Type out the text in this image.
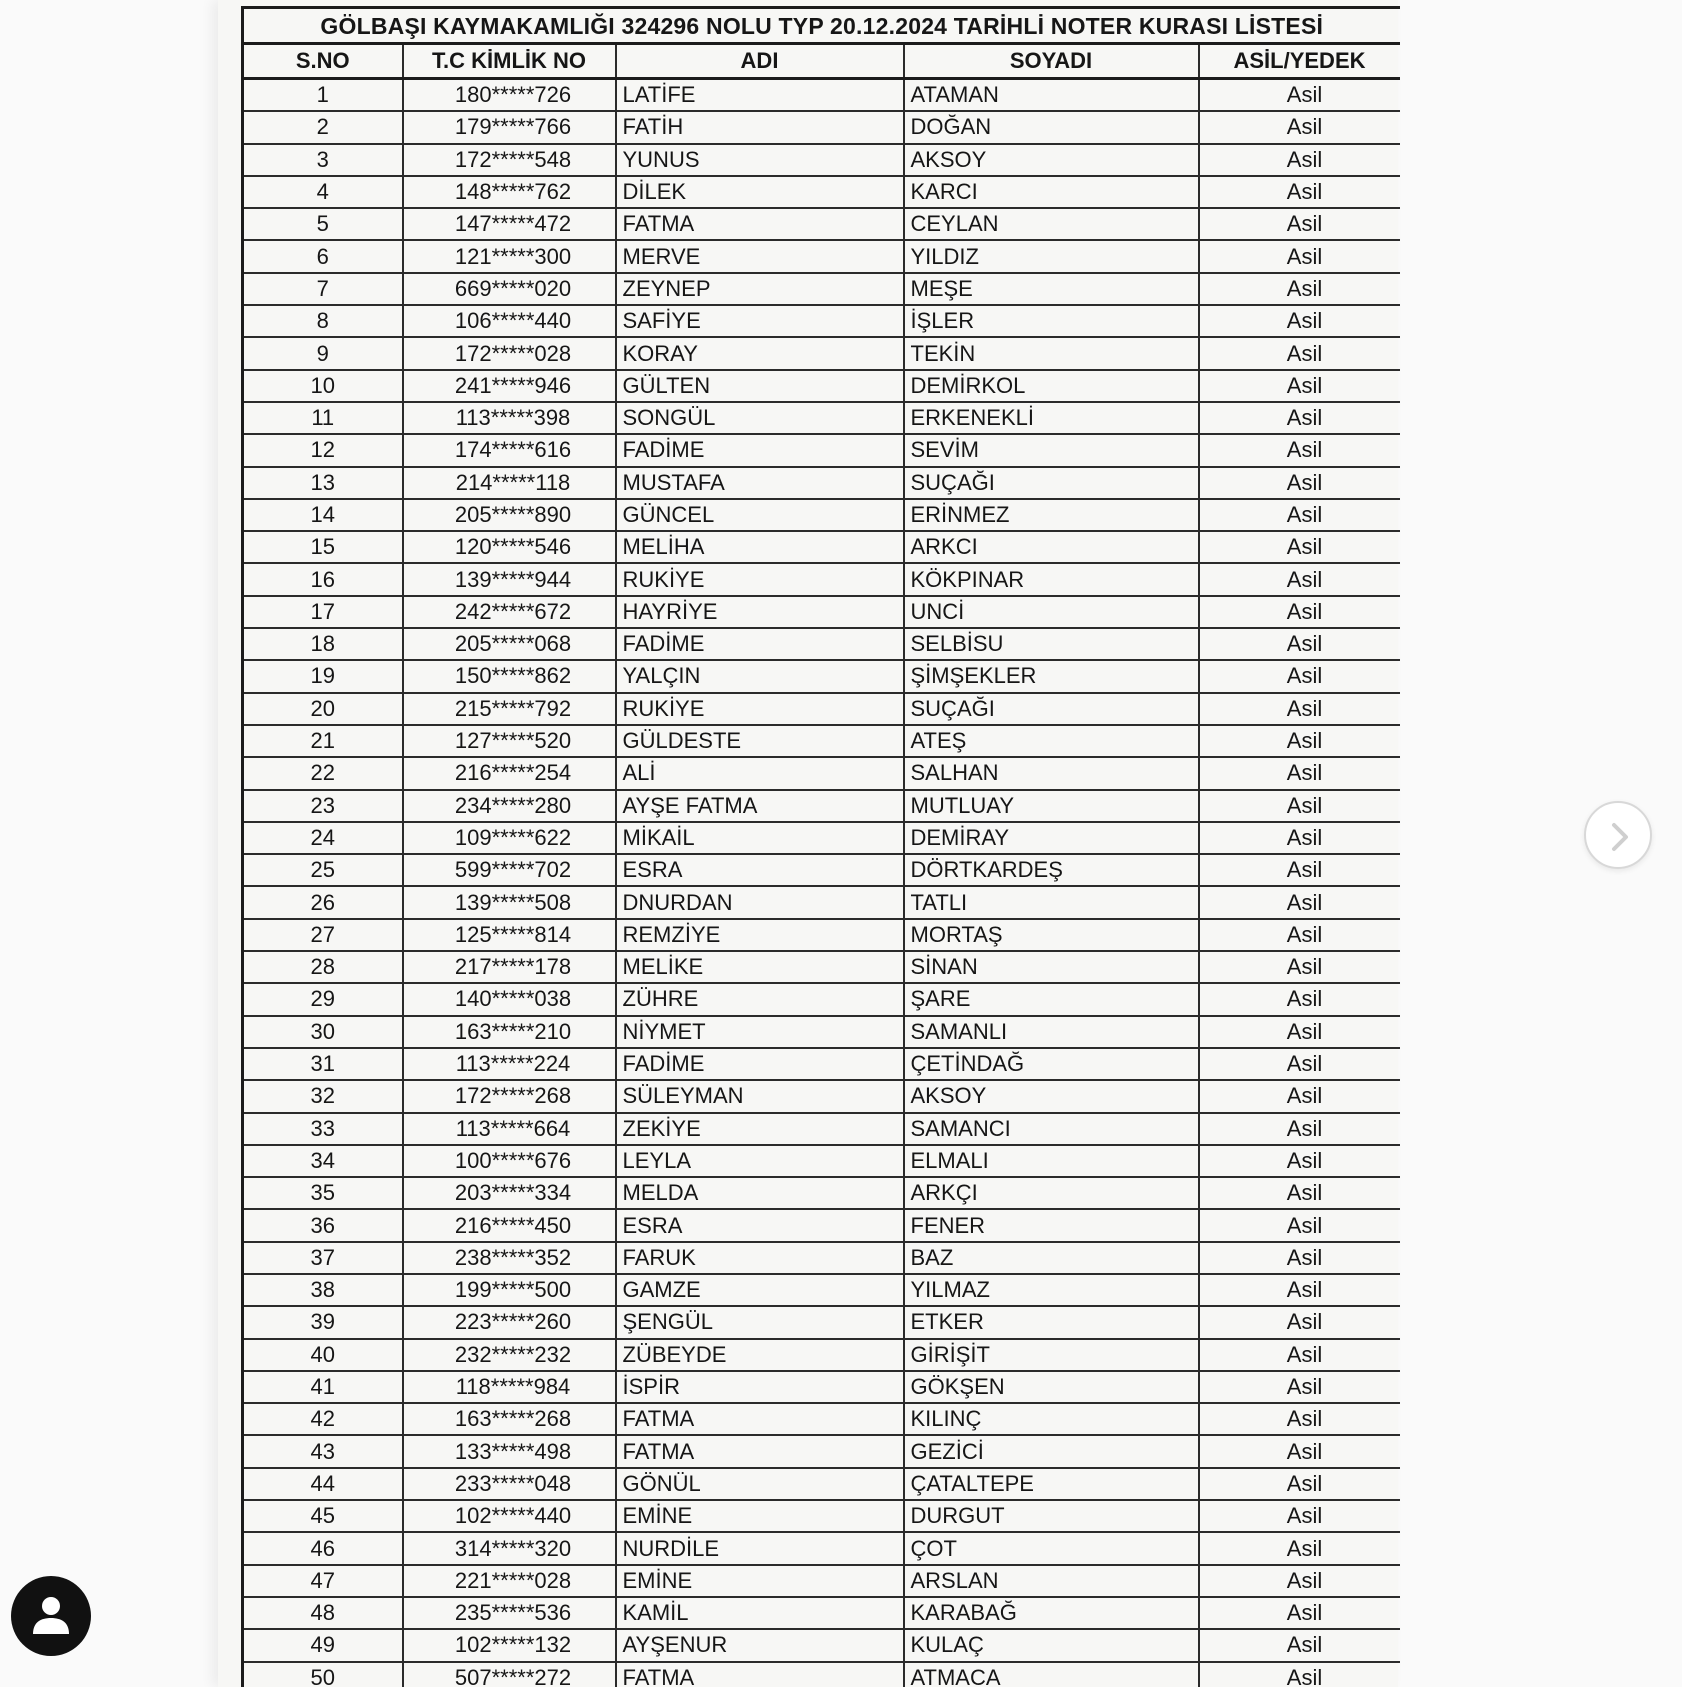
GÖLBAŞI KAYMAKAMLIĞI 324296 NOLU TYP 20.12.2024 TARİHLİ NOTER KURASI LİSTESİ				
S.NO	T.C KİMLİK NO	ADI	SOYADI	ASİL/YEDEK
1	180*****726	LATİFE	ATAMAN	Asil
2	179*****766	FATİH	DOĞAN	Asil
3	172*****548	YUNUS	AKSOY	Asil
4	148*****762	DİLEK	KARCI	Asil
5	147*****472	FATMA	CEYLAN	Asil
6	121*****300	MERVE	YILDIZ	Asil
7	669*****020	ZEYNEP	MEŞE	Asil
8	106*****440	SAFİYE	İŞLER	Asil
9	172*****028	KORAY	TEKİN	Asil
10	241*****946	GÜLTEN	DEMİRKOL	Asil
11	113*****398	SONGÜL	ERKENEKLİ	Asil
12	174*****616	FADİME	SEVİM	Asil
13	214*****118	MUSTAFA	SUÇAĞI	Asil
14	205*****890	GÜNCEL	ERİNMEZ	Asil
15	120*****546	MELİHA	ARKCI	Asil
16	139*****944	RUKİYE	KÖKPINAR	Asil
17	242*****672	HAYRİYE	UNCİ	Asil
18	205*****068	FADİME	SELBİSU	Asil
19	150*****862	YALÇIN	ŞİMŞEKLER	Asil
20	215*****792	RUKİYE	SUÇAĞI	Asil
21	127*****520	GÜLDESTE	ATEŞ	Asil
22	216*****254	ALİ	SALHAN	Asil
23	234*****280	AYŞE FATMA	MUTLUAY	Asil
24	109*****622	MİKAİL	DEMİRAY	Asil
25	599*****702	ESRA	DÖRTKARDEŞ	Asil
26	139*****508	DNURDAN	TATLI	Asil
27	125*****814	REMZİYE	MORTAŞ	Asil
28	217*****178	MELİKE	SİNAN	Asil
29	140*****038	ZÜHRE	ŞARE	Asil
30	163*****210	NİYMET	SAMANLI	Asil
31	113*****224	FADİME	ÇETİNDAĞ	Asil
32	172*****268	SÜLEYMAN	AKSOY	Asil
33	113*****664	ZEKİYE	SAMANCI	Asil
34	100*****676	LEYLA	ELMALI	Asil
35	203*****334	MELDA	ARKÇI	Asil
36	216*****450	ESRA	FENER	Asil
37	238*****352	FARUK	BAZ	Asil
38	199*****500	GAMZE	YILMAZ	Asil
39	223*****260	ŞENGÜL	ETKER	Asil
40	232*****232	ZÜBEYDE	GİRİŞİT	Asil
41	118*****984	İSPİR	GÖKŞEN	Asil
42	163*****268	FATMA	KILINÇ	Asil
43	133*****498	FATMA	GEZİCİ	Asil
44	233*****048	GÖNÜL	ÇATALTEPE	Asil
45	102*****440	EMİNE	DURGUT	Asil
46	314*****320	NURDİLE	ÇOT	Asil
47	221*****028	EMİNE	ARSLAN	Asil
48	235*****536	KAMİL	KARABAĞ	Asil
49	102*****132	AYŞENUR	KULAÇ	Asil
50	507*****272	FATMA	ATMACA	Asil
